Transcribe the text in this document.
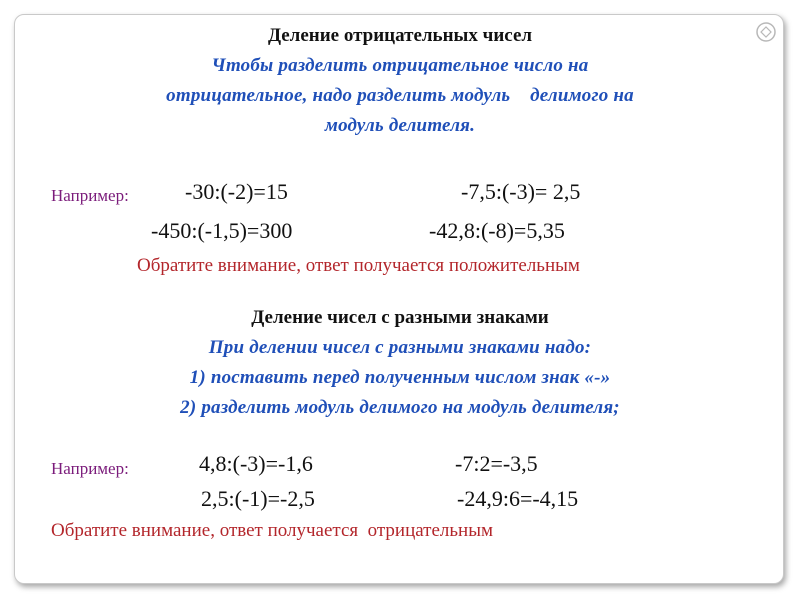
Деление отрицательных чисел
Чтобы разделить отрицательное число на
отрицательное, надо разделить модуль    делимого на
модуль делителя.
Например:	-30:(-2)=15	-7,5:(-3)= 2,5
-450:(-1,5)=300	-42,8:(-8)=5,35
Обратите внимание, ответ получается положительным
Деление чисел с разными знаками
При делении чисел с разными знаками надо:
1) поставить перед полученным числом знак «-»
2) разделить модуль делимого на модуль делителя;
Например:	4,8:(-3)=-1,6	-7:2=-3,5
2,5:(-1)=-2,5	-24,9:6=-4,15
Обратите внимание, ответ получается  отрицательным
